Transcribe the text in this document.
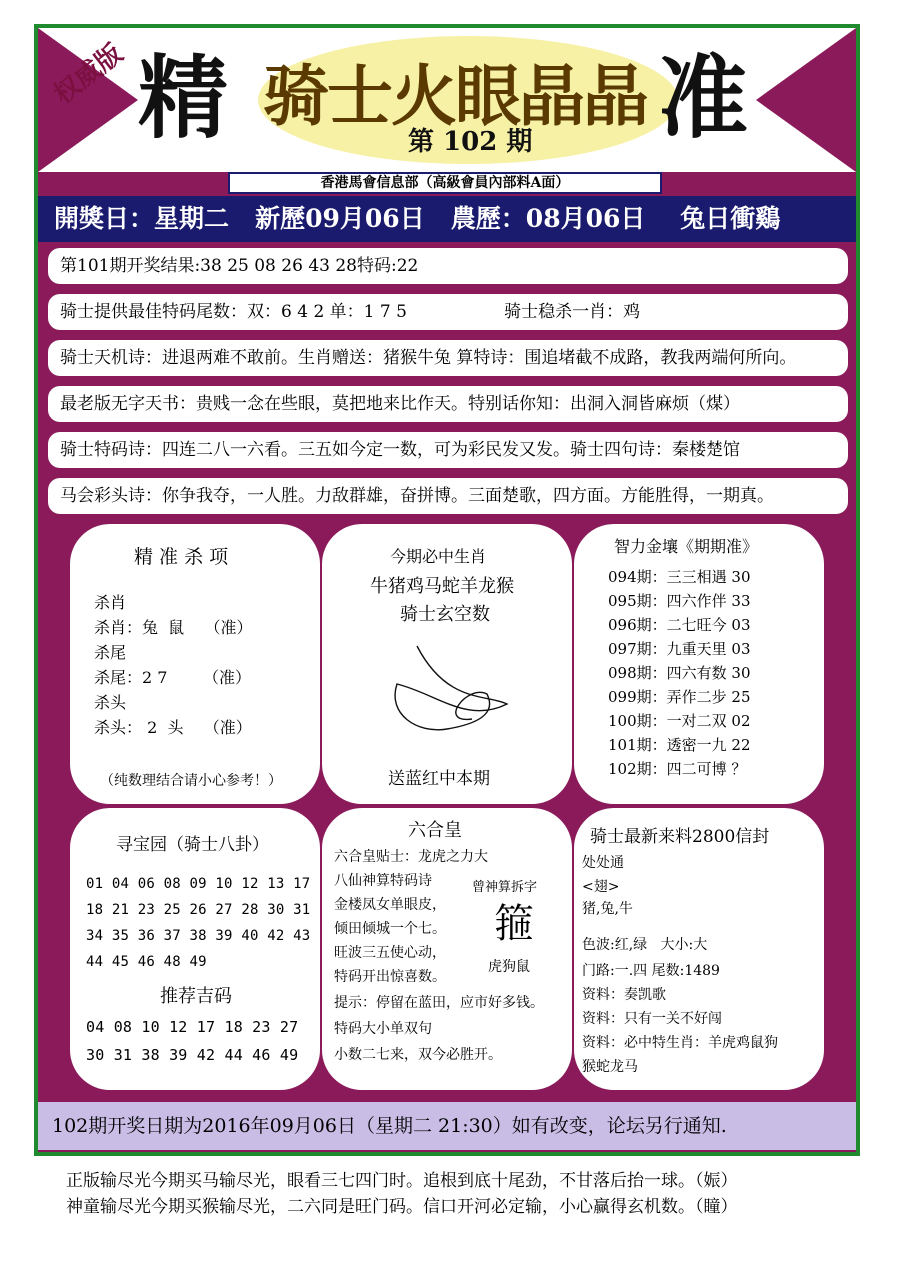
权威版 精 骑士火眼晶晶
第 102 期 准
香港馬會信息部（高級會員內部料A面）
開獎日：星期二   新歷09月06日   農歷：08月06日    兔日衝鷄
第101期开奖结果:38 25 08 26 43 28特码:22
骑士提供最佳特码尾数：双：6 4 2 单：1 7 5                  骑士稳杀一肖：鸡
骑士天机诗：进退两难不敢前。生肖赠送：猪猴牛兔 算特诗：围追堵截不成路，教我两端何所向。
最老版无字天书：贵贱一念在些眼，莫把地来比作天。特别话你知：出洞入洞皆麻烦（煤）
骑士特码诗：四连二八一六看。三五如今定一数，可为彩民发又发。骑士四句诗：秦楼楚馆
马会彩头诗：你争我夺，一人胜。力敌群雄，奋拼博。三面楚歌，四方面。方能胜得，一期真。
精 准 杀 项
杀肖
杀肖：兔  鼠    （准）
杀尾
杀尾：2 7       （准）
杀头
杀头： 2  头    （准）
（纯数理结合请小心参考！）
今期必中生肖
牛猪鸡马蛇羊龙猴
骑士玄空数
送蓝红中本期
智力金壤《期期准》
094期：三三相遇 30
095期：四六作伴 33
096期：二七旺今 03
097期：九重天里 03
098期：四六有数 30
099期：弄作二步 25
100期：一对二双 02
101期：透密一九 22
102期：四二可博 ？
寻宝园（骑士八卦）
01 04 06 08 09 10 12 13 17
18 21 23 25 26 27 28 30 31
34 35 36 37 38 39 40 42 43
44 45 46 48 49
推荐吉码
04 08 10 12 17 18 23 27
30 31 38 39 42 44 46 49
六合皇
六合皇贴士：龙虎之力大
八仙神算特码诗
金楼凤女单眼皮，
倾田倾城一个七。
旺波三五使心动，
特码开出惊喜数。
提示：停留在蓝田，应市好多钱。
特码大小单双句
小数二七来，双今必胜开。
曾神算拆字
箍
虎狗鼠
骑士最新来料2800信封
处处通
<翅>
猪,兔,牛
色波:红,绿   大小:大
门路:一.四 尾数:1489
资料：奏凯歌
资料：只有一关不好闯
资料：必中特生肖：羊虎鸡鼠狗
猴蛇龙马
102期开奖日期为2016年09月06日（星期二 21:30）如有改变，论坛另行通知.
正版输尽光今期买马输尽光，眼看三七四门时。追根到底十尾劲，不甘落后抬一球。（娠）
神童输尽光今期买猴输尽光，二六同是旺门码。信口开河必定输，小心赢得玄机数。（瞳）
